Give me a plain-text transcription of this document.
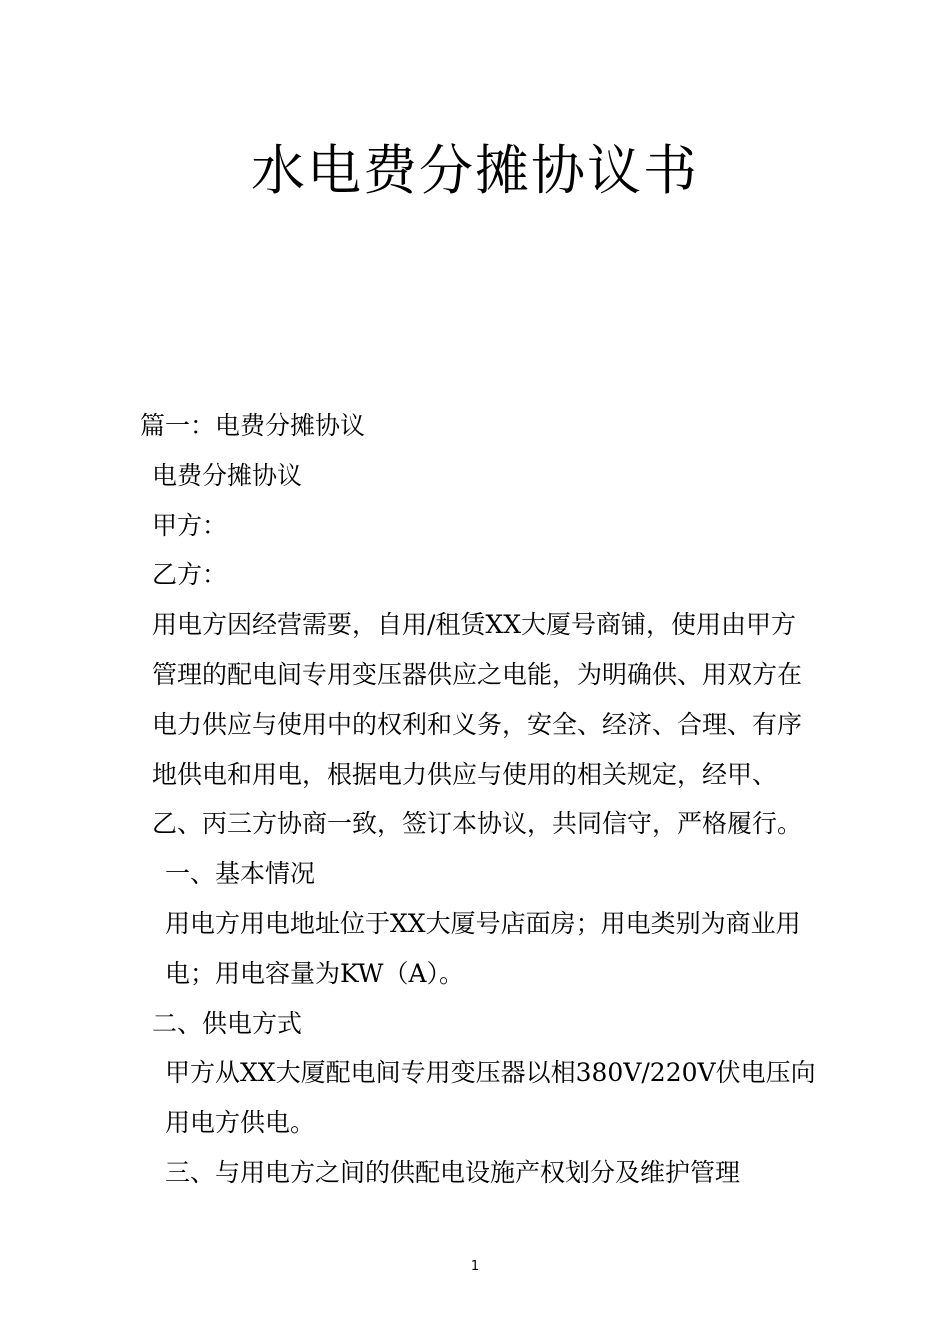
水电费分摊协议书

篇一：电费分摊协议

电费分摊协议

甲方：

乙方：

用电方因经营需要，自用/租赁XX大厦号商铺，使用由甲方管理的配电间专用变压器供应之电能，为明确供、用双方在电力供应与使用中的权利和义务，安全、经济、合理、有序地供电和用电，根据电力供应与使用的相关规定，经甲、乙、丙三方协商一致，签订本协议，共同信守，严格履行。

一、基本情况

用电方用电地址位于XX大厦号店面房；用电类别为商业用电；用电容量为KW（A）。

二、供电方式

甲方从XX大厦配电间专用变压器以相380V/220V伏电压向用电方供电。

三、与用电方之间的供配电设施产权划分及维护管理

1
